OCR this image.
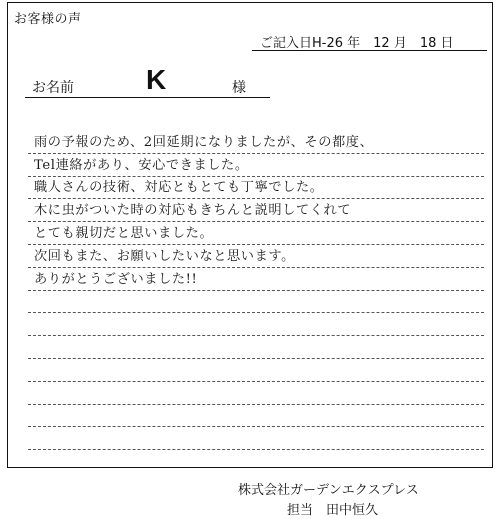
お客様の声
ご記入日H-26 年　12 月　18 日
お名前	K	様
雨の予報のため、2回延期になりましたが、その都度、
Tel連絡があり、安心できました。
職人さんの技術、対応ともとても丁寧でした。
木に虫がついた時の対応もきちんと説明してくれて
とても親切だと思いました。
次回もまた、お願いしたいなと思います。
ありがとうございました!!
株式会社ガーデンエクスプレス
担当　田中恒久
